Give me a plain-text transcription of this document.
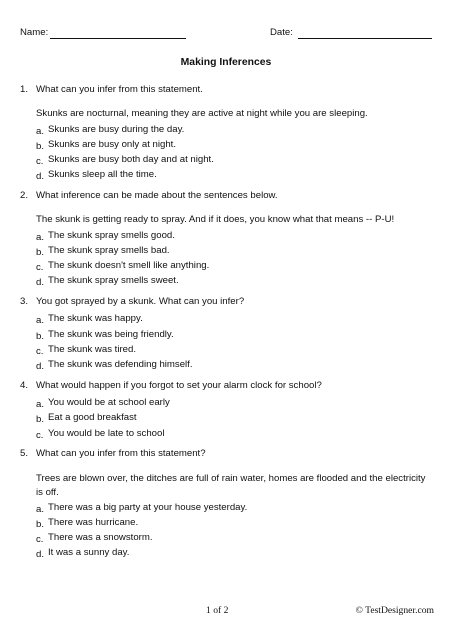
Name:	Date:
Making Inferences
1. What can you infer from this statement.
Skunks are nocturnal, meaning they are active at night while you are sleeping.
a. Skunks are busy during the day.
b. Skunks are busy only at night.
c. Skunks are busy both day and at night.
d. Skunks sleep all the time.
2. What inference can be made about the sentences below.
The skunk is getting ready to spray. And if it does, you know what that means -- P-U!
a. The skunk spray smells good.
b. The skunk spray smells bad.
c. The skunk doesn't smell like anything.
d. The skunk spray smells sweet.
3. You got sprayed by a skunk. What can you infer?
a. The skunk was happy.
b. The skunk was being friendly.
c. The skunk was tired.
d. The skunk was defending himself.
4. What would happen if you forgot to set your alarm clock for school?
a. You would be at school early
b. Eat a good breakfast
c. You would be late to school
5. What can you infer from this statement?
Trees are blown over, the ditches are full of rain water, homes are flooded and the electricity is off.
a. There was a big party at your house yesterday.
b. There was hurricane.
c. There was a snowstorm.
d. It was a sunny day.
1 of 2	© TestDesigner.com
